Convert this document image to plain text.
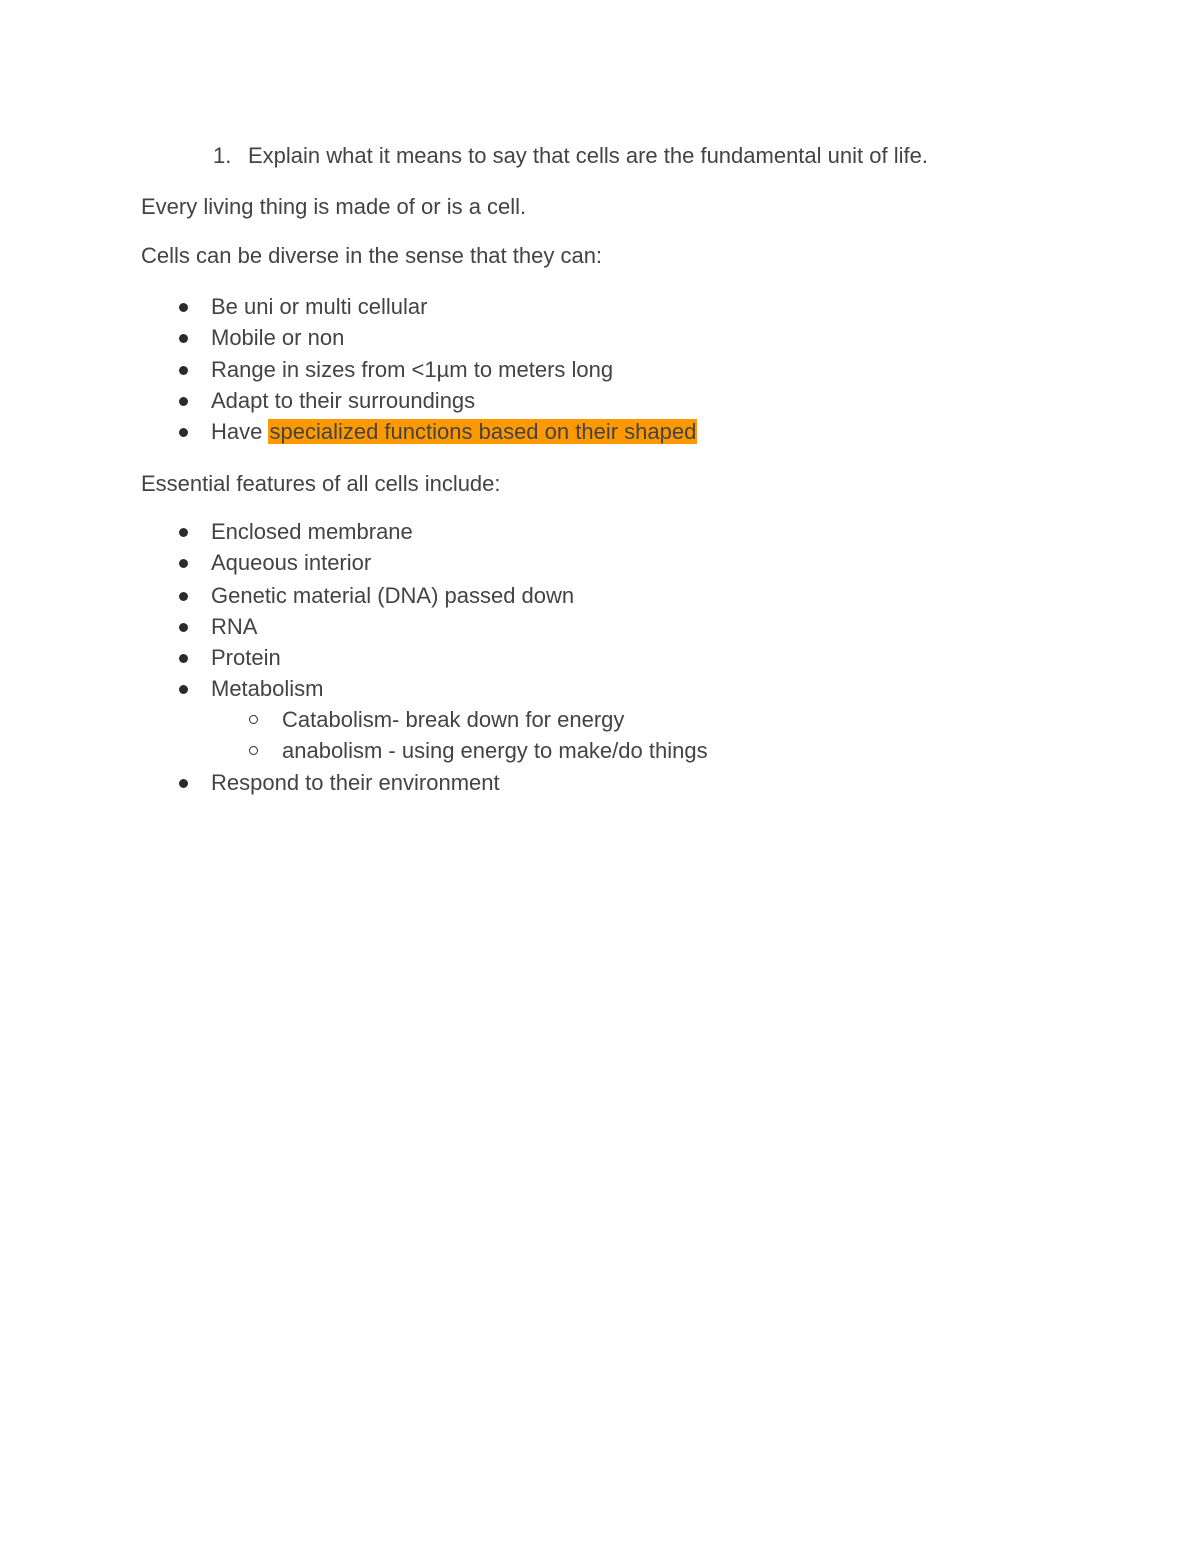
1. Explain what it means to say that cells are the fundamental unit of life.
Every living thing is made of or is a cell.
Cells can be diverse in the sense that they can:
Be uni or multi cellular
Mobile or non
Range in sizes from <1µm to meters long
Adapt to their surroundings
Have specialized functions based on their shaped
Essential features of all cells include:
Enclosed membrane
Aqueous interior
Genetic material (DNA) passed down
RNA
Protein
Metabolism
Catabolism- break down for energy
anabolism - using energy to make/do things
Respond to their environment
